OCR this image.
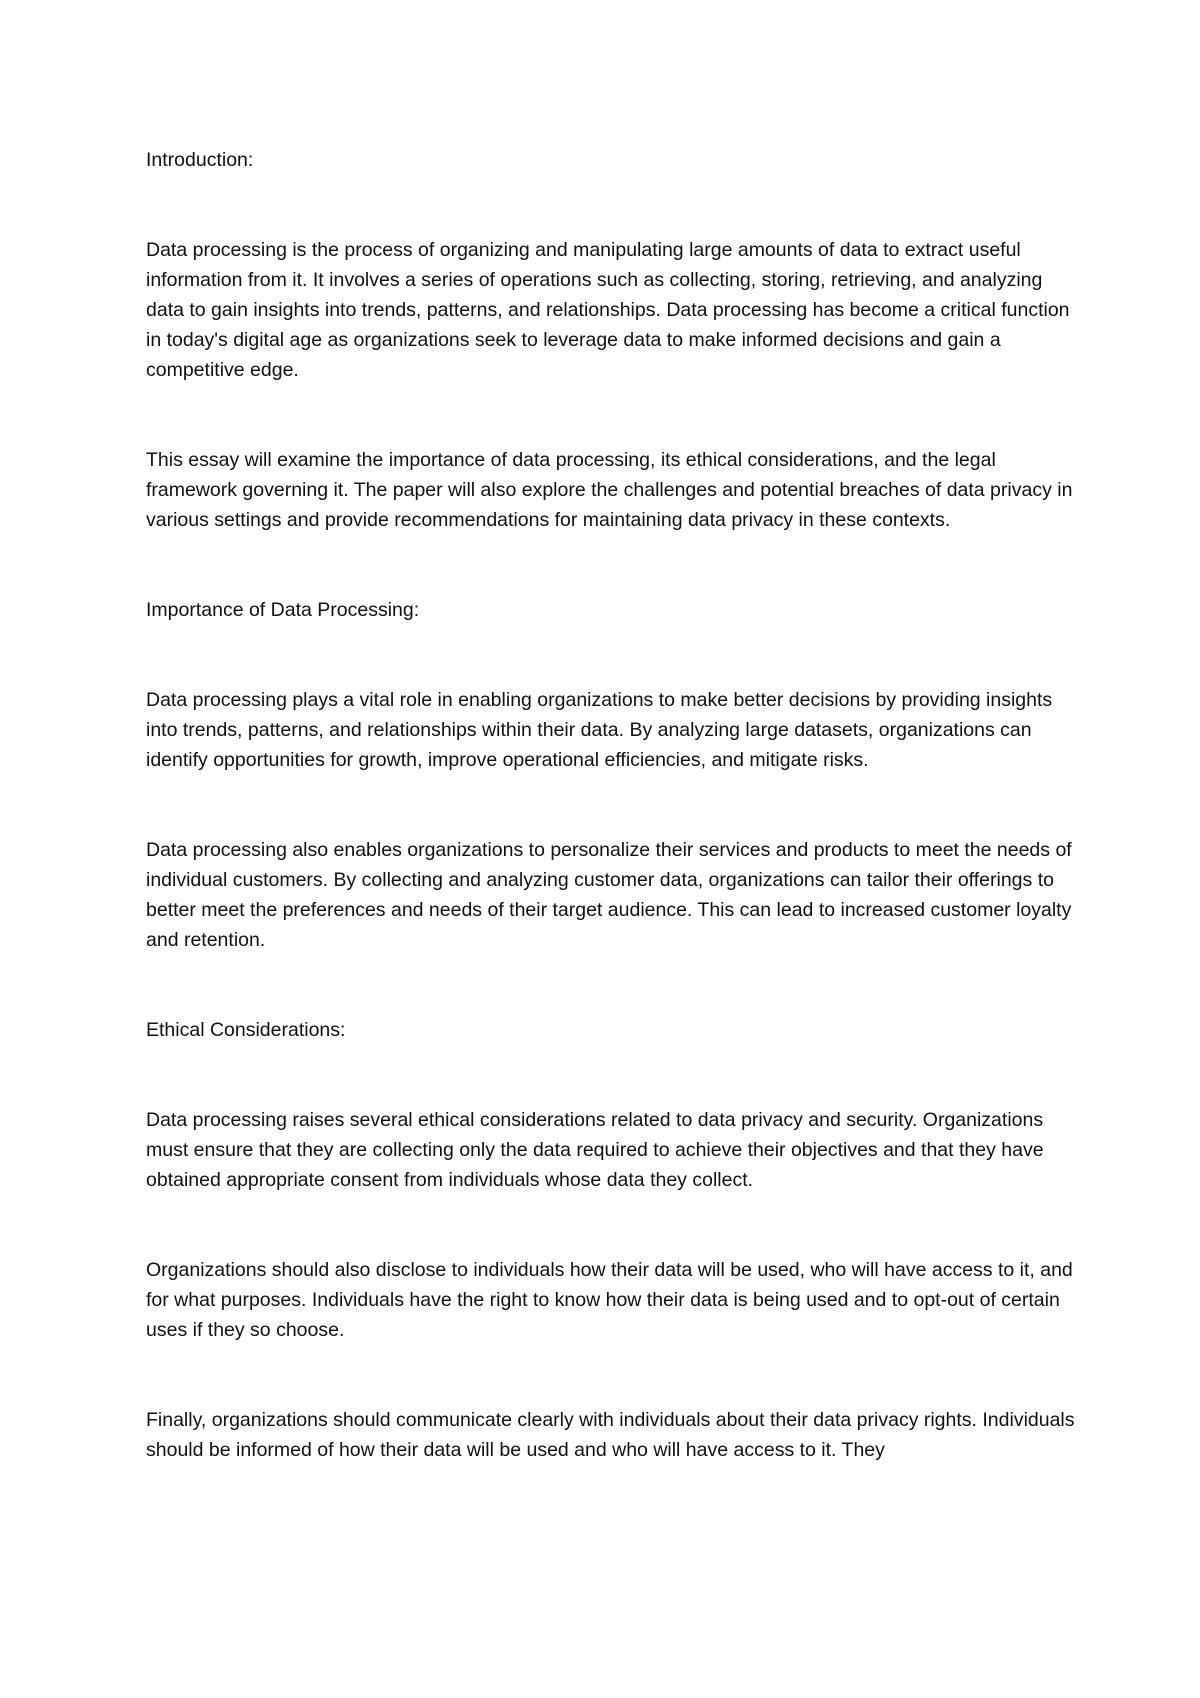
Introduction:

Data processing is the process of organizing and manipulating large amounts of data to extract useful information from it. It involves a series of operations such as collecting, storing, retrieving, and analyzing data to gain insights into trends, patterns, and relationships. Data processing has become a critical function in today's digital age as organizations seek to leverage data to make informed decisions and gain a competitive edge.

This essay will examine the importance of data processing, its ethical considerations, and the legal framework governing it. The paper will also explore the challenges and potential breaches of data privacy in various settings and provide recommendations for maintaining data privacy in these contexts.

Importance of Data Processing:

Data processing plays a vital role in enabling organizations to make better decisions by providing insights into trends, patterns, and relationships within their data. By analyzing large datasets, organizations can identify opportunities for growth, improve operational efficiencies, and mitigate risks.

Data processing also enables organizations to personalize their services and products to meet the needs of individual customers. By collecting and analyzing customer data, organizations can tailor their offerings to better meet the preferences and needs of their target audience. This can lead to increased customer loyalty and retention.

Ethical Considerations:

Data processing raises several ethical considerations related to data privacy and security. Organizations must ensure that they are collecting only the data required to achieve their objectives and that they have obtained appropriate consent from individuals whose data they collect.

Organizations should also disclose to individuals how their data will be used, who will have access to it, and for what purposes. Individuals have the right to know how their data is being used and to opt-out of certain uses if they so choose.

Finally, organizations should communicate clearly with individuals about their data privacy rights. Individuals should be informed of how their data will be used and who will have access to it. They
